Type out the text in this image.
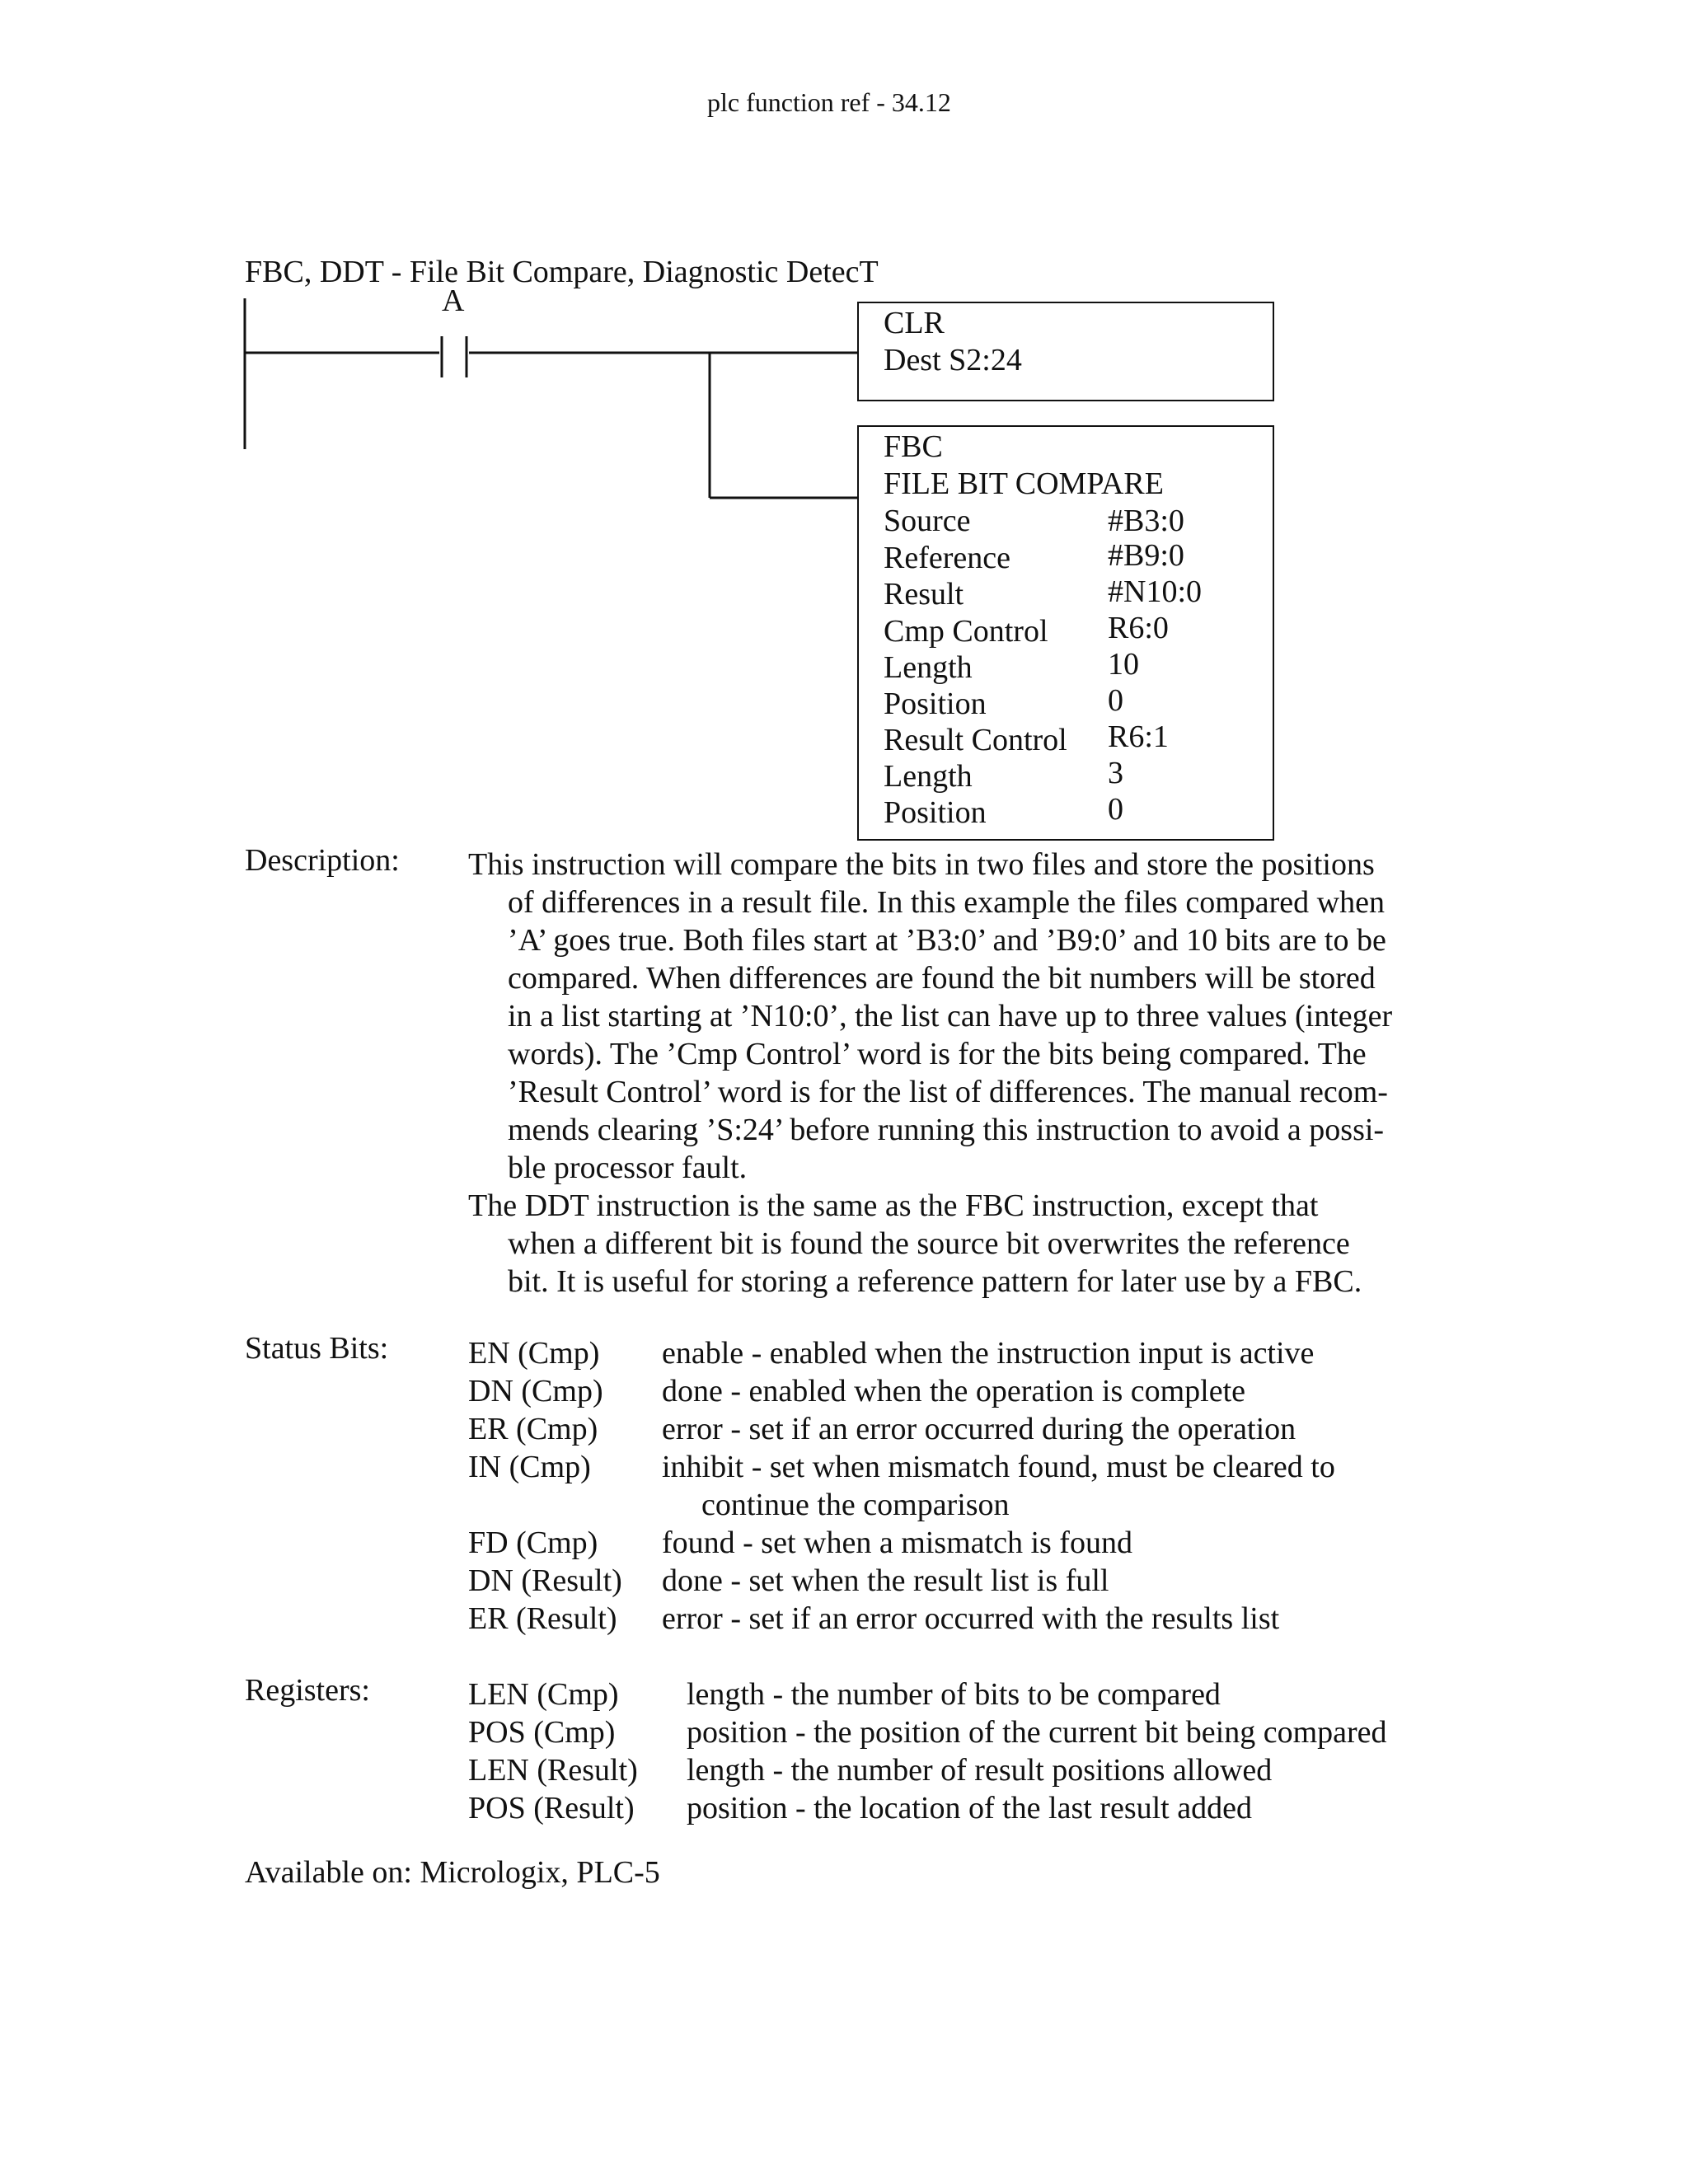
plc function ref - 34.12
FBC, DDT - File Bit Compare, Diagnostic DetecT
A
CLR
Dest S2:24
FBC
FILE BIT COMPARE
Source	#B3:0
Reference	#B9:0
Result	#N10:0
Cmp Control R6:0
Length	10
Position	0
Result Control R6:1
Length	3
Position	0
Description: This instruction will compare the bits in two files and store the positions
of differences in a result file. In this example the files compared when
’A’ goes true. Both files start at ’B3:0’ and ’B9:0’ and 10 bits are to be
compared. When differences are found the bit numbers will be stored
in a list starting at ’N10:0’, the list can have up to three values (integer
words). The ’Cmp Control’ word is for the bits being compared. The
’Result Control’ word is for the list of differences. The manual recom-
mends clearing ’S:24’ before running this instruction to avoid a possi-
ble processor fault.
The DDT instruction is the same as the FBC instruction, except that
when a different bit is found the source bit overwrites the reference
bit. It is useful for storing a reference pattern for later use by a FBC.
Status Bits:	EN (Cmp) enable - enabled when the instruction input is active
DN (Cmp) done - enabled when the operation is complete
ER (Cmp) error - set if an error occurred during the operation
IN (Cmp) inhibit - set when mismatch found, must be cleared to
continue the comparison
FD (Cmp) found - set when a mismatch is found
DN (Result) done - set when the result list is full
ER (Result) error - set if an error occurred with the results list
Registers:	LEN (Cmp) length - the number of bits to be compared
POS (Cmp) position - the position of the current bit being compared
LEN (Result) length - the number of result positions allowed
POS (Result) position - the location of the last result added
Available on: Micrologix, PLC-5
